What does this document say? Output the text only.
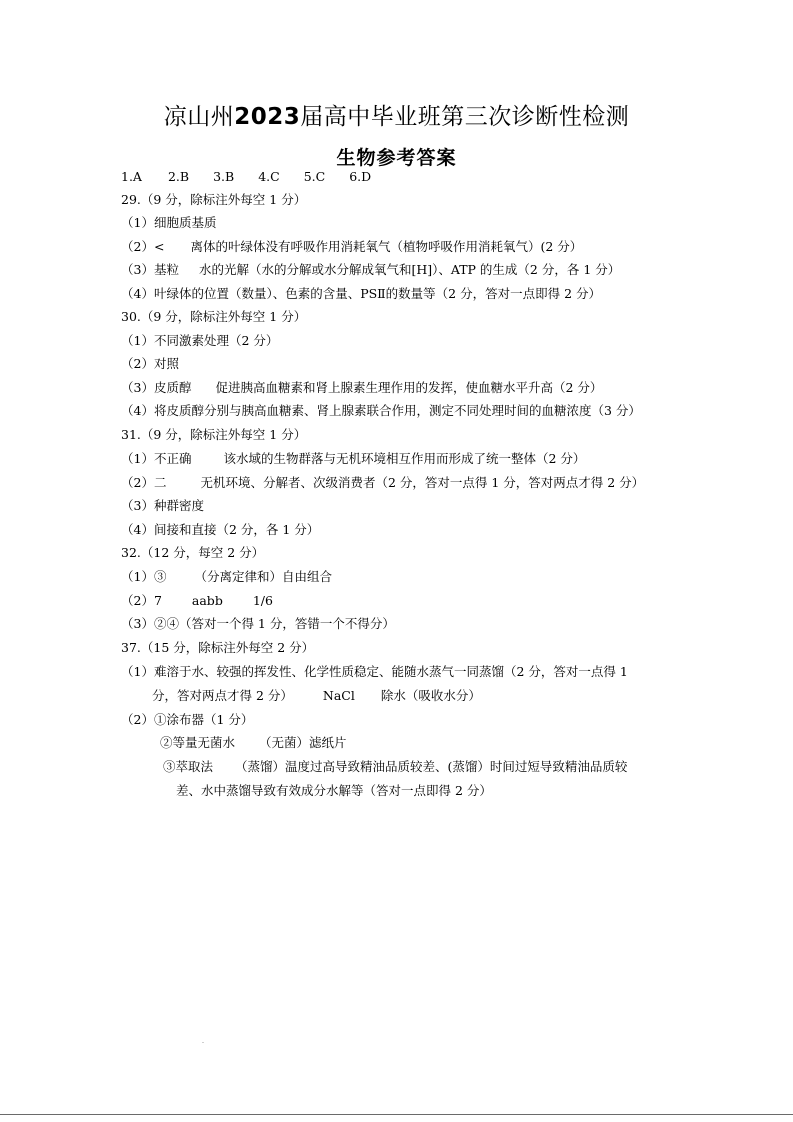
凉山州2023届高中毕业班第三次诊断性检测
生物参考答案
1.A 2.B 3.B 4.C 5.C 6.D
29.（9 分，除标注外每空 1 分）
（1）细胞质基质
（2）< 离体的叶绿体没有呼吸作用消耗氧气（植物呼吸作用消耗氧气）(2 分）
（3）基粒 水的光解（水的分解或水分解成氧气和[H]）、ATP 的生成（2 分，各 1 分）
（4）叶绿体的位置（数量）、色素的含量、PSⅡ的数量等（2 分，答对一点即得 2 分）
30.（9 分，除标注外每空 1 分）
（1）不同激素处理（2 分）
（2）对照
（3）皮质醇 促进胰高血糖素和肾上腺素生理作用的发挥，使血糖水平升高（2 分）
（4）将皮质醇分别与胰高血糖素、肾上腺素联合作用，测定不同处理时间的血糖浓度（3 分）
31.（9 分，除标注外每空 1 分）
（1）不正确	该水域的生物群落与无机环境相互作用而形成了统一整体（2 分）
（2）二	无机环境、分解者、次级消费者（2 分，答对一点得 1 分，答对两点才得 2 分）
（3）种群密度
（4）间接和直接（2 分，各 1 分）
32.（12 分，每空 2 分）
（1）③ （分离定律和）自由组合
（2）7 aabb 1/6
（3）②④（答对一个得 1 分，答错一个不得分）
37.（15 分，除标注外每空 2 分）
（1）难溶于水、较强的挥发性、化学性质稳定、能随水蒸气一同蒸馏（2 分，答对一点得 1
分，答对两点才得 2 分） NaCl 除水（吸收水分）
（2）①涂布器（1 分）
②等量无菌水 （无菌）滤纸片
③萃取法 （蒸馏）温度过高导致精油品质较差、(蒸馏）时间过短导致精油品质较
差、水中蒸馏导致有效成分水解等（答对一点即得 2 分）
